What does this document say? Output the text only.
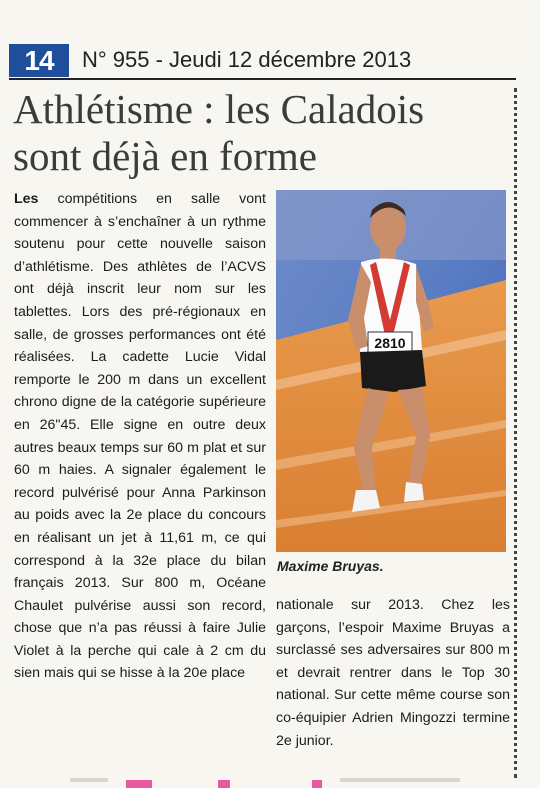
14	N° 955 - Jeudi 12 décembre 2013
Athlétisme : les Caladois sont déjà en forme

Les compétitions en salle vont commencer à s’enchaîner à un rythme soutenu pour cette nouvelle saison d’athlétisme. Des athlètes de l’ACVS ont déjà inscrit leur nom sur les tablettes. Lors des pré-régionaux en salle, de grosses performances ont été réalisées. La cadette Lucie Vidal remporte le 200 m dans un excellent chrono digne de la catégorie supérieure en 26"45. Elle signe en outre deux autres beaux temps sur 60 m plat et sur 60 m haies. A signaler également le record pulvérisé pour Anna Parkinson au poids avec la 2e place du concours en réalisant un jet à 11,61 m, ce qui correspond à la 32e place du bilan français 2013. Sur 800 m, Océane Chaulet pulvérise aussi son record, chose que n’a pas réussi à faire Julie Violet à la perche qui cale à 2 cm du sien mais qui se hisse à la 20e place

2810
Maxime Bruyas.

nationale sur 2013. Chez les garçons, l’espoir Maxime Bruyas a surclassé ses adversaires sur 800 m et devrait rentrer dans le Top 30 national. Sur cette même course son co-équipier Adrien Mingozzi termine 2e junior.
